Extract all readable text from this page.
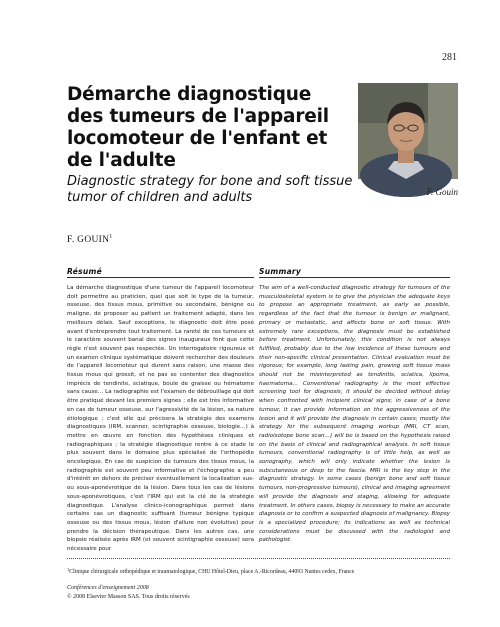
281
Démarche diagnostique des tumeurs de l'appareil locomoteur de l'enfant et de l'adulte
Diagnostic strategy for bone and soft tissue tumor of children and adults	F. Gouin
F. GOUIN$^1$
Résumé
La démarche diagnostique d'une tumeur de l'appareil locomoteur doit permettre au praticien, quel que soit le type de la tumeur, osseuse, des tissus mous, primitive ou secondaire, bénigne ou maligne, de proposer au patient un traitement adapté, dans les meilleurs délais. Sauf exceptions, le diagnostic doit être posé avant d'entreprendre tout traitement. La rareté de ces tumeurs et le caractère souvent banal des signes inauguraux font que cette règle n'est souvent pas respectée. Un interrogatoire rigoureux et un examen clinique systématique doivent rechercher des douleurs de l'appareil locomoteur qui durent sans raison, une masse des tissus mous qui grossit, et ne pas se contenter des diagnostics imprécis de tendinite, sciatique, boule de graisse ou hématome sans cause… La radiographie est l'examen de débrouillage qui doit être pratiqué devant les premiers signes ; elle est très informative en cas de tumeur osseuse, sur l'agressivité de la lésion, sa nature étiologique ; c'est elle qui précisera la stratégie des examens diagnostiques (IRM, scanner, scintigraphie osseuse, biologie…) à mettre en œuvre en fonction des hypothèses cliniques et radiographiques ; la stratégie diagnostique rentre à ce stade le plus souvent dans le domaine plus spécialisé de l'orthopédie oncologique. En cas de suspicion de tumeurs des tissus mous, la radiographie est souvent peu informative et l'échographie a peu d'intérêt en dehors de préciser éventuellement la localisation sus- ou sous-aponévrotique de la lésion. Dans tous les cas de lésions sous-aponévrotiques, c'est l'IRM qui est la clé de la stratégie diagnostique. L'analyse clinico-iconographique permet dans certains cas un diagnostic suffisant (tumeur bénigne typique osseuse ou des tissus mous, lésion d'allure non évolutive) pour prendre la décision thérapeutique. Dans les autres cas, une biopsie réalisée après IRM (et souvent scintigraphie osseuse) sera nécessaire pour
Summary
The aim of a well-conducted diagnostic strategy for tumours of the musculoskeletal system is to give the physician the adequate keys to propose an appropriate treatment, as early as possible, regardless of the fact that the tumour is benign or malignant, primary or metastatic, and affects bone or soft tissue. With extremely rare exceptions, the diagnosis must be established before treatment. Unfortunately, this condition is not always fulfilled, probably due to the low incidence of these tumours and their non-specific clinical presentation. Clinical evaluation must be rigorous; for example, long lasting pain, growing soft tissue mass should not be misinterpreted as tendinitis, sciatica, lipoma, haematoma… Conventional radiography is the most effective screening tool for diagnosis; it should be decided without delay when confronted with incipient clinical signs; in case of a bone tumour, it can provide information on the aggressiveness of the lesion and it will provide the diagnosis in certain cases; mostly the strategy for the subsequent imaging workup (MRI, CT scan, radioisotope bone scan…) will be is based on the hypothesis raised on the basis of clinical and radiographical analysis. In soft tissue tumours, conventional radiography is of little help, as well as sonography, which will only indicate whether the lesion is subcutaneous or deep to the fascia. MRI is the key step in the diagnostic strategy. In some cases (benign bone and soft tissue tumours, non-progressive tumours), clinical and imaging agreement will provide the diagnosis and staging, allowing for adequate treatment. In others cases, biopsy is necessary to make an accurate diagnosis or to confirm a suspected diagnosis of malignancy. Biopsy is a specialized procedure; its indications as well as technical considerations must be discussed with the radiologist and pathologist.
$^1$Clinique chirurgicale orthopédique et traumatologique, CHU Hôtel-Dieu, place A.-Ricordeau, 44093 Nantes cedex, France
Conférences d'enseignement 2008
© 2008 Elsevier Masson SAS. Tous droits réservés
